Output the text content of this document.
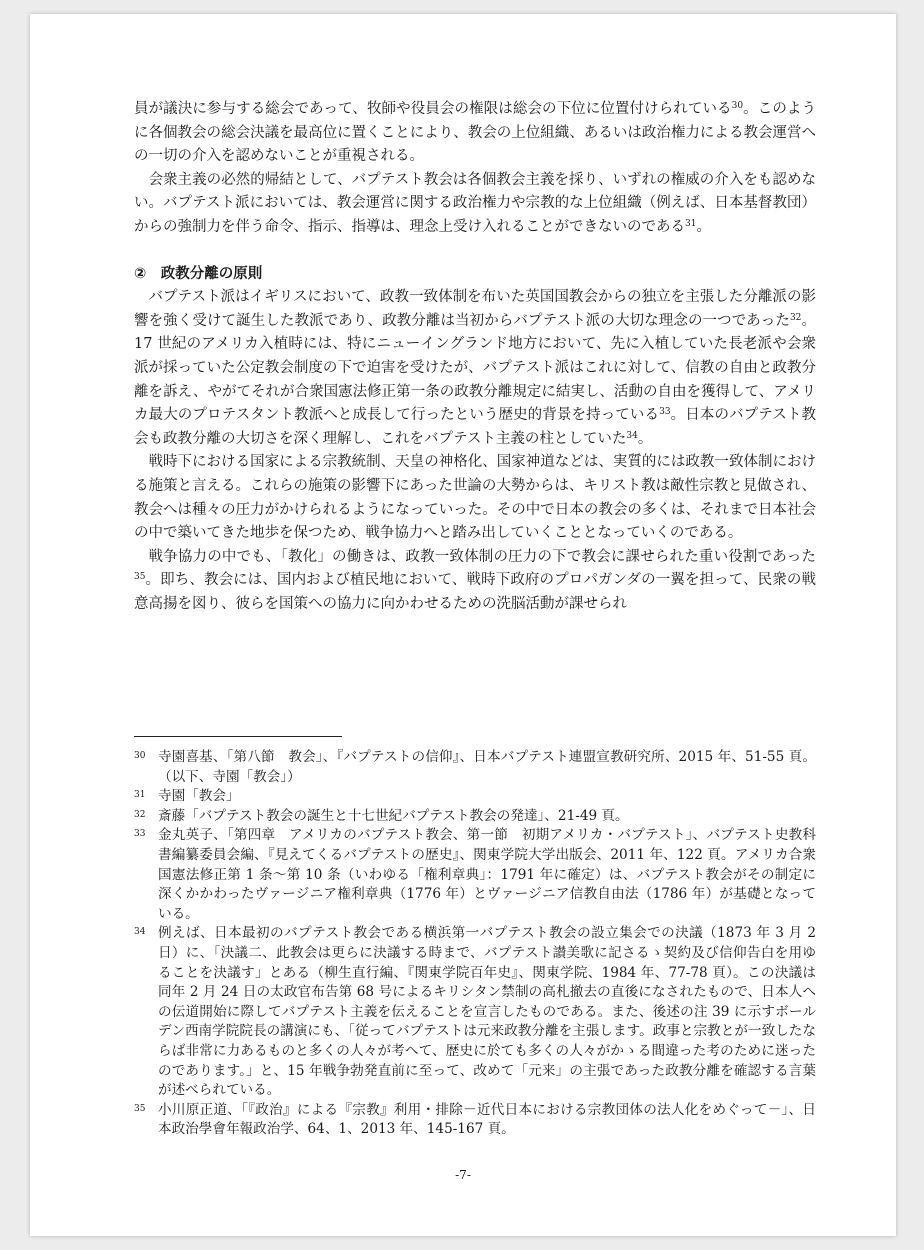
員が議決に参与する総会であって、牧師や役員会の権限は総会の下位に位置付けられている$^{30}$。このように各個教会の総会決議を最高位に置くことにより、教会の上位組織、あるいは政治権力による教会運営への一切の介入を認めないことが重視される。

会衆主義の必然的帰結として、バプテスト教会は各個教会主義を採り、いずれの権威の介入をも認めない。バプテスト派においては、教会運営に関する政治権力や宗教的な上位組織（例えば、日本基督教団）からの強制力を伴う命令、指示、指導は、理念上受け入れることができないのである$^{31}$。

②　政教分離の原則

バプテスト派はイギリスにおいて、政教一致体制を布いた英国国教会からの独立を主張した分離派の影響を強く受けて誕生した教派であり、政教分離は当初からバプテスト派の大切な理念の一つであった$^{32}$。17 世紀のアメリカ入植時には、特にニューイングランド地方において、先に入植していた長老派や会衆派が採っていた公定教会制度の下で迫害を受けたが、バプテスト派はこれに対して、信教の自由と政教分離を訴え、やがてそれが合衆国憲法修正第一条の政教分離規定に結実し、活動の自由を獲得して、アメリカ最大のプロテスタント教派へと成長して行ったという歴史的背景を持っている$^{33}$。日本のバプテスト教会も政教分離の大切さを深く理解し、これをバプテスト主義の柱としていた$^{34}$。

戦時下における国家による宗教統制、天皇の神格化、国家神道などは、実質的には政教一致体制における施策と言える。これらの施策の影響下にあった世論の大勢からは、キリスト教は敵性宗教と見做され、教会へは種々の圧力がかけられるようになっていった。その中で日本の教会の多くは、それまで日本社会の中で築いてきた地歩を保つため、戦争協力へと踏み出していくこととなっていくのである。

戦争協力の中でも、「教化」の働きは、政教一致体制の圧力の下で教会に課せられた重い役割であった$^{35}$。即ち、教会には、国内および植民地において、戦時下政府のプロパガンダの一翼を担って、民衆の戦意高揚を図り、彼らを国策への協力に向かわせるための洗脳活動が課せられ

30 寺園喜基、「第八節　教会」、『バプテストの信仰』、日本バプテスト連盟宣教研究所、2015 年、51-55 頁。（以下、寺園「教会」）

31 寺園「教会」

32 斎藤「バプテスト教会の誕生と十七世紀バプテスト教会の発達」、21-49 頁。

33 金丸英子、「第四章　アメリカのバプテスト教会、第一節　初期アメリカ・バプテスト」、バプテスト史教科書編纂委員会編、『見えてくるバプテストの歴史』、関東学院大学出版会、2011 年、122 頁。アメリカ合衆国憲法修正第 1 条～第 10 条（いわゆる「権利章典」：1791 年に確定）は、バプテスト教会がその制定に深くかかわったヴァージニア権利章典（1776 年）とヴァージニア信教自由法（1786 年）が基礎となっている。

34 例えば、日本最初のバプテスト教会である横浜第一バプテスト教会の設立集会での決議（1873 年 3 月 2 日）に、「決議二、此教会は更らに決議する時まで、バプテスト讃美歌に記さるゝ契約及び信仰告白を用ゆることを決議す」とある（柳生直行編、『関東学院百年史』、関東学院、1984 年、77-78 頁）。この決議は同年 2 月 24 日の太政官布告第 68 号によるキリシタン禁制の高札撤去の直後になされたもので、日本人への伝道開始に際してバプテスト主義を伝えることを宣言したものである。また、後述の注 39 に示すボールデン西南学院院長の講演にも、「従ってバプテストは元来政教分離を主張します。政事と宗教とが一致したならば非常に力あるものと多くの人々が考へて、歴史に於ても多くの人々がかゝる間違った考のために迷ったのであります。」と、15 年戦争勃発直前に至って、改めて「元来」の主張であった政教分離を確認する言葉が述べられている。

35 小川原正道、「『政治』による『宗教』利用・排除－近代日本における宗教団体の法人化をめぐって－」、日本政治學會年報政治学、64、1、2013 年、145-167 頁。

-7-
